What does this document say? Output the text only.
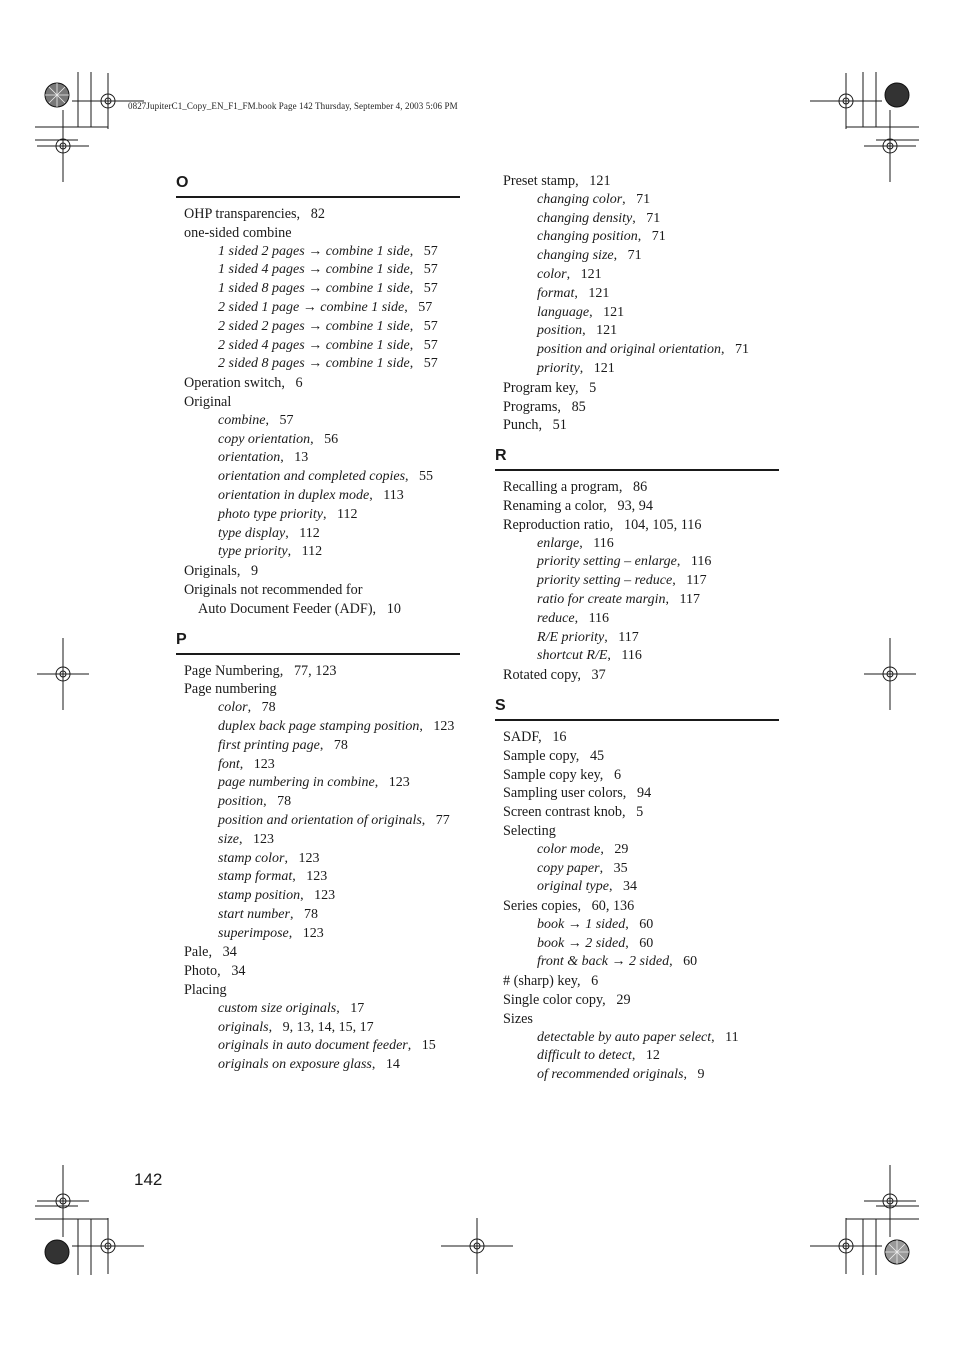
0827JupiterC1_Copy_EN_F1_FM.book Page 142 Thursday, September 4, 2003 5:06 PM
O
OHP transparencies,   82
one-sided combine
1 sided 2 pages → combine 1 side,   57
1 sided 4 pages → combine 1 side,   57
1 sided 8 pages → combine 1 side,   57
2 sided 1 page → combine 1 side,   57
2 sided 2 pages → combine 1 side,   57
2 sided 4 pages → combine 1 side,   57
2 sided 8 pages → combine 1 side,   57
Operation switch,   6
Original
combine,   57
copy orientation,   56
orientation,   13
orientation and completed copies,   55
orientation in duplex mode,   113
photo type priority,   112
type display,   112
type priority,   112
Originals,   9
Originals not recommended for
Auto Document Feeder (ADF),   10
P
Page Numbering,   77, 123
Page numbering
color,   78
duplex back page stamping position,   123
first printing page,   78
font,   123
page numbering in combine,   123
position,   78
position and orientation of originals,   77
size,   123
stamp color,   123
stamp format,   123
stamp position,   123
start number,   78
superimpose,   123
Pale,   34
Photo,   34
Placing
custom size originals,   17
originals,   9, 13, 14, 15, 17
originals in auto document feeder,   15
originals on exposure glass,   14
Preset stamp,   121
changing color,   71
changing density,   71
changing position,   71
changing size,   71
color,   121
format,   121
language,   121
position,   121
position and original orientation,   71
priority,   121
Program key,   5
Programs,   85
Punch,   51
R
Recalling a program,   86
Renaming a color,   93, 94
Reproduction ratio,   104, 105, 116
enlarge,   116
priority setting – enlarge,   116
priority setting – reduce,   117
ratio for create margin,   117
reduce,   116
R/E priority,   117
shortcut R/E,   116
Rotated copy,   37
S
SADF,   16
Sample copy,   45
Sample copy key,   6
Sampling user colors,   94
Screen contrast knob,   5
Selecting
color mode,   29
copy paper,   35
original type,   34
Series copies,   60, 136
book → 1 sided,   60
book → 2 sided,   60
front & back → 2 sided,   60
# (sharp) key,   6
Single color copy,   29
Sizes
detectable by auto paper select,   11
difficult to detect,   12
of recommended originals,   9
142
